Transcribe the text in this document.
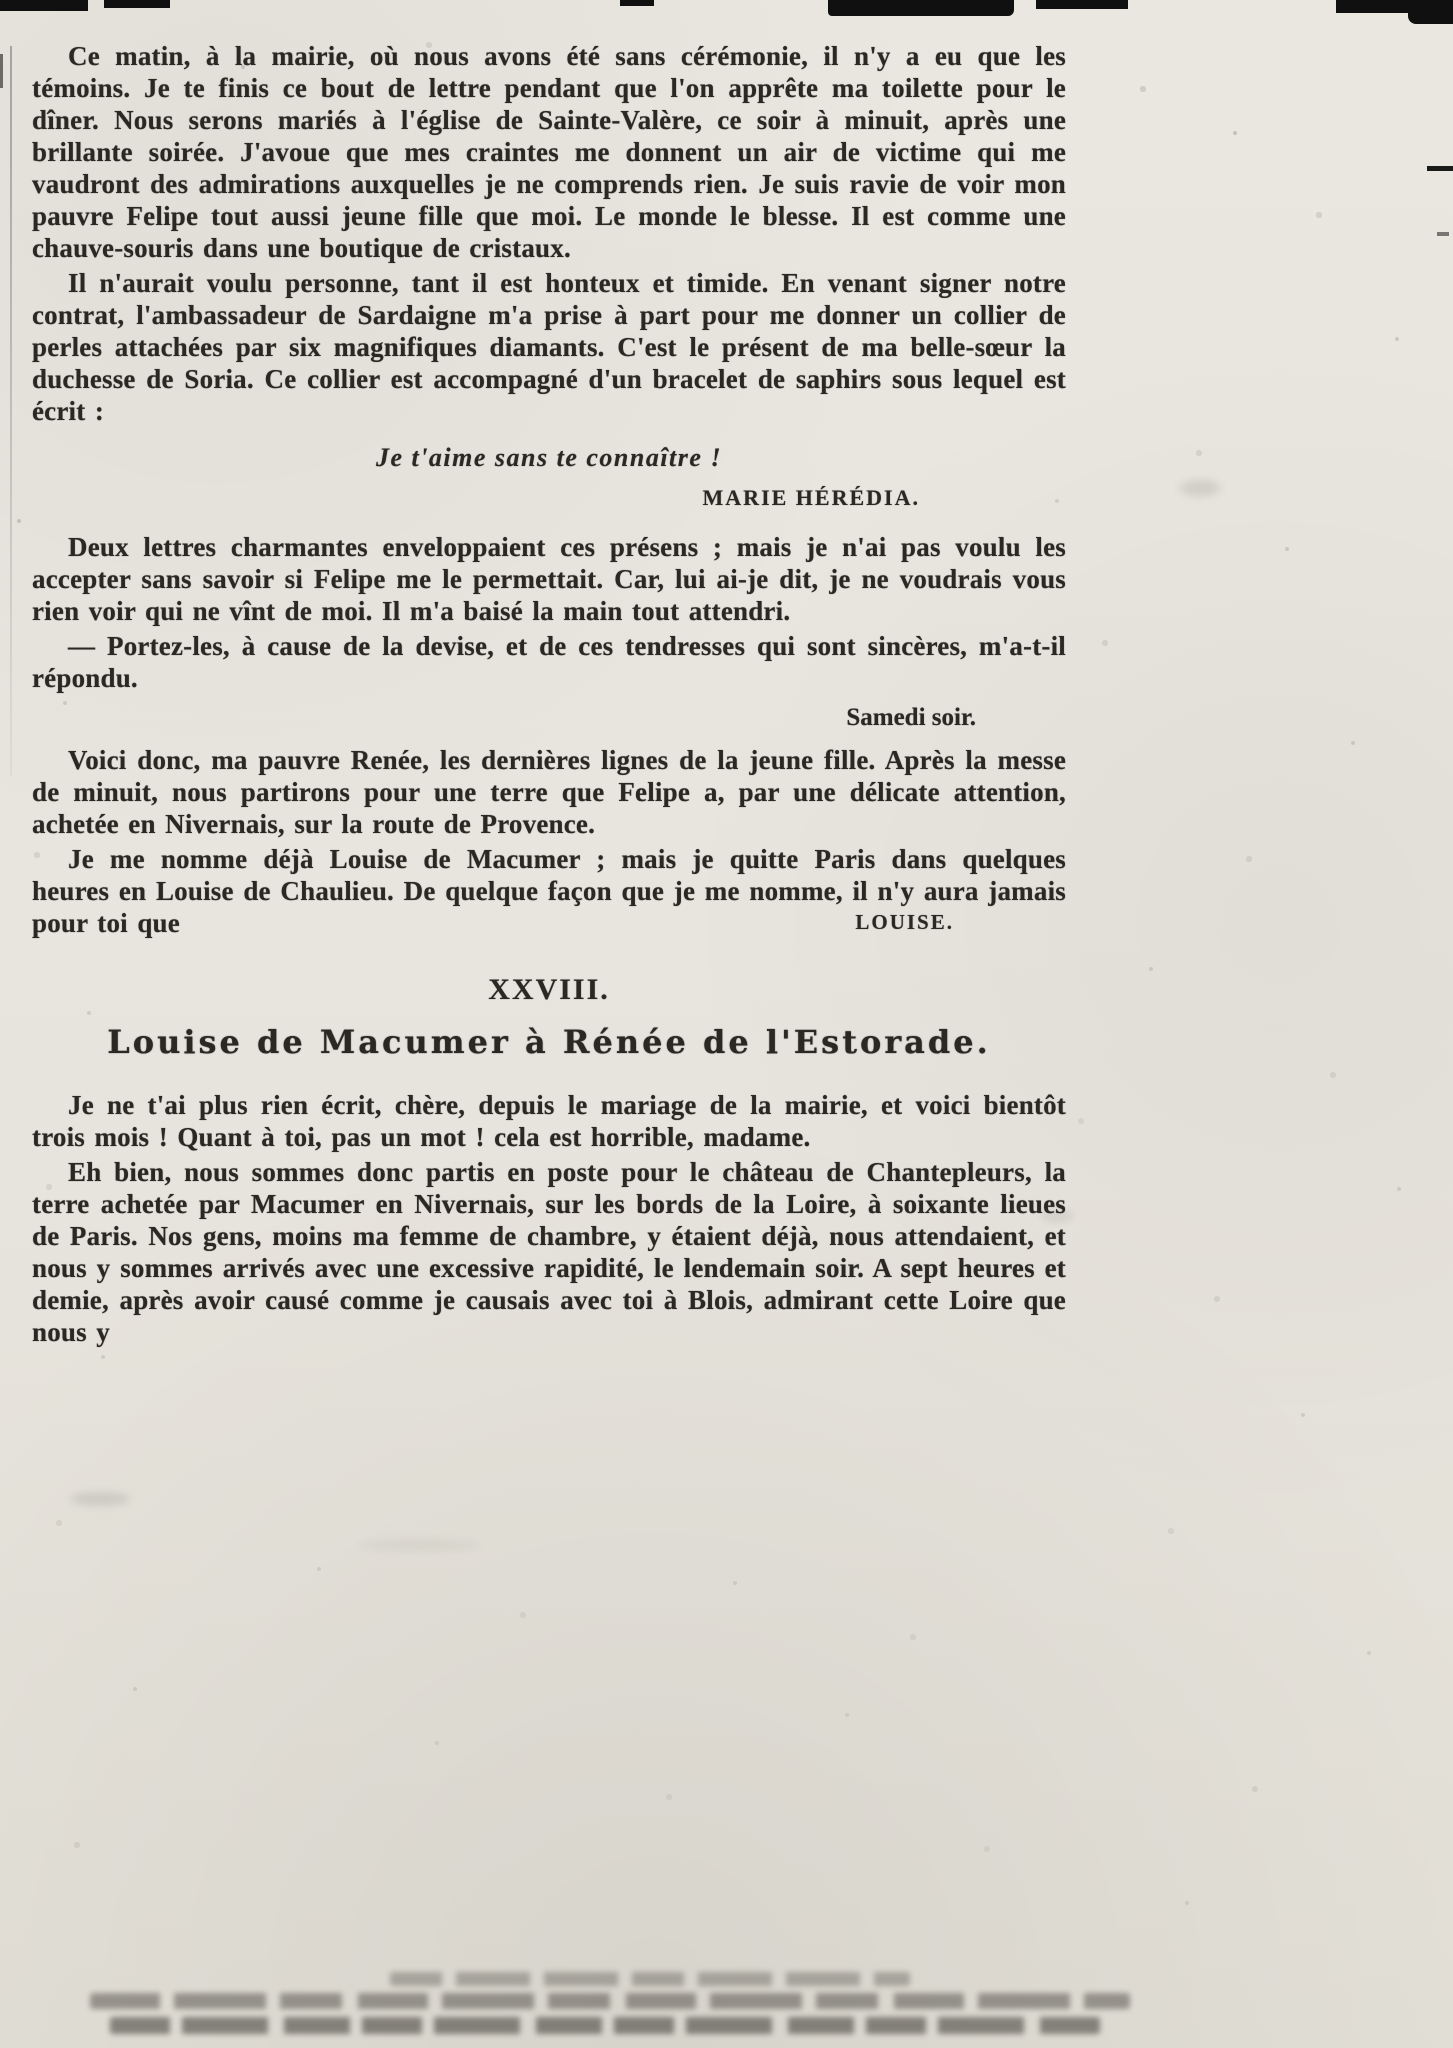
Ce matin, à la mairie, où nous avons été sans cérémonie, il n'y a eu que les témoins. Je te finis ce bout de lettre pendant que l'on apprête ma toilette pour le dîner. Nous serons mariés à l'église de Sainte-Valère, ce soir à minuit, après une brillante soirée. J'avoue que mes craintes me donnent un air de victime qui me vaudront des admirations auxquelles je ne comprends rien. Je suis ravie de voir mon pauvre Felipe tout aussi jeune fille que moi. Le monde le blesse. Il est comme une chauve-souris dans une boutique de cristaux.

Il n'aurait voulu personne, tant il est honteux et timide. En venant signer notre contrat, l'ambassadeur de Sardaigne m'a prise à part pour me donner un collier de perles attachées par six magnifiques diamants. C'est le présent de ma belle-sœur la duchesse de Soria. Ce collier est accompagné d'un bracelet de saphirs sous lequel est écrit :

Je t'aime sans te connaître !

MARIE HÉRÉDIA.

Deux lettres charmantes enveloppaient ces présens ; mais je n'ai pas voulu les accepter sans savoir si Felipe me le permettait. Car, lui ai-je dit, je ne voudrais vous rien voir qui ne vînt de moi. Il m'a baisé la main tout attendri.

— Portez-les, à cause de la devise, et de ces tendresses qui sont sincères, m'a-t-il répondu.

Samedi soir.

Voici donc, ma pauvre Renée, les dernières lignes de la jeune fille. Après la messe de minuit, nous partirons pour une terre que Felipe a, par une délicate attention, achetée en Nivernais, sur la route de Provence.

Je me nomme déjà Louise de Macumer ; mais je quitte Paris dans quelques heures en Louise de Chaulieu. De quelque façon que je me nomme, il n'y aura jamais pour toi que	LOUISE.

XXVIII.
Louise de Macumer à Rénée de l'Estorade.

Je ne t'ai plus rien écrit, chère, depuis le mariage de la mairie, et voici bientôt trois mois ! Quant à toi, pas un mot ! cela est horrible, madame.

Eh bien, nous sommes donc partis en poste pour le château de Chantepleurs, la terre achetée par Macumer en Nivernais, sur les bords de la Loire, à soixante lieues de Paris. Nos gens, moins ma femme de chambre, y étaient déjà, nous attendaient, et nous y sommes arrivés avec une excessive rapidité, le lendemain soir. A sept heures et demie, après avoir causé comme je causais avec toi à Blois, admirant cette Loire que nous y
